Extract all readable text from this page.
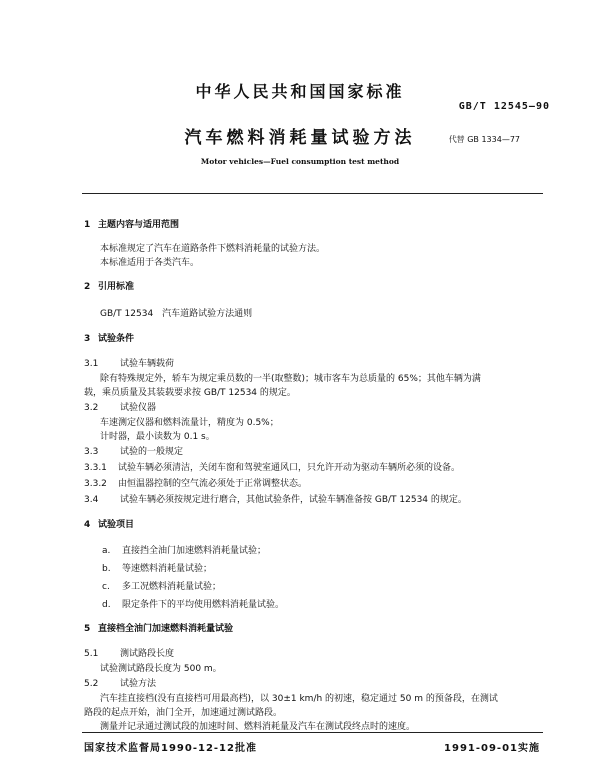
中华人民共和国国家标准
GB/T 12545—90
汽车燃料消耗量试验方法	代替 GB 1334—77
Motor vehicles—Fuel consumption test method
1 主题内容与适用范围
本标准规定了汽车在道路条件下燃料消耗量的试验方法。
本标准适用于各类汽车。
2 引用标准
GB/T 12534　汽车道路试验方法通则
3 试验条件
3.1 试验车辆载荷
除有特殊规定外，轿车为规定乘员数的一半(取整数)；城市客车为总质量的 65%；其他车辆为满
载，乘员质量及其装载要求按 GB/T 12534 的规定。
3.2 试验仪器
车速测定仪器和燃料流量计，精度为 0.5%；
计时器，最小读数为 0.1 s。
3.3 试验的一般规定
3.3.1 试验车辆必须清洁，关闭车窗和驾驶室通风口，只允许开动为驱动车辆所必须的设备。
3.3.2 由恒温器控制的空气流必须处于正常调整状态。
3.4 试验车辆必须按规定进行磨合，其他试验条件，试验车辆准备按 GB/T 12534 的规定。
4 试验项目
a. 直接挡全油门加速燃料消耗量试验；
b. 等速燃料消耗量试验；
c. 多工况燃料消耗量试验；
d. 限定条件下的平均使用燃料消耗量试验。
5 直接档全油门加速燃料消耗量试验
5.1 测试路段长度
试验测试路段长度为 500 m。
5.2 试验方法
汽车挂直接档(没有直接档可用最高档)，以 30±1 km/h 的初速，稳定通过 50 m 的预备段，在测试
路段的起点开始，油门全开，加速通过测试路段。
测量并记录通过测试段的加速时间、燃料消耗量及汽车在测试段终点时的速度。
国家技术监督局1990-12-12批准	1991-09-01实施
